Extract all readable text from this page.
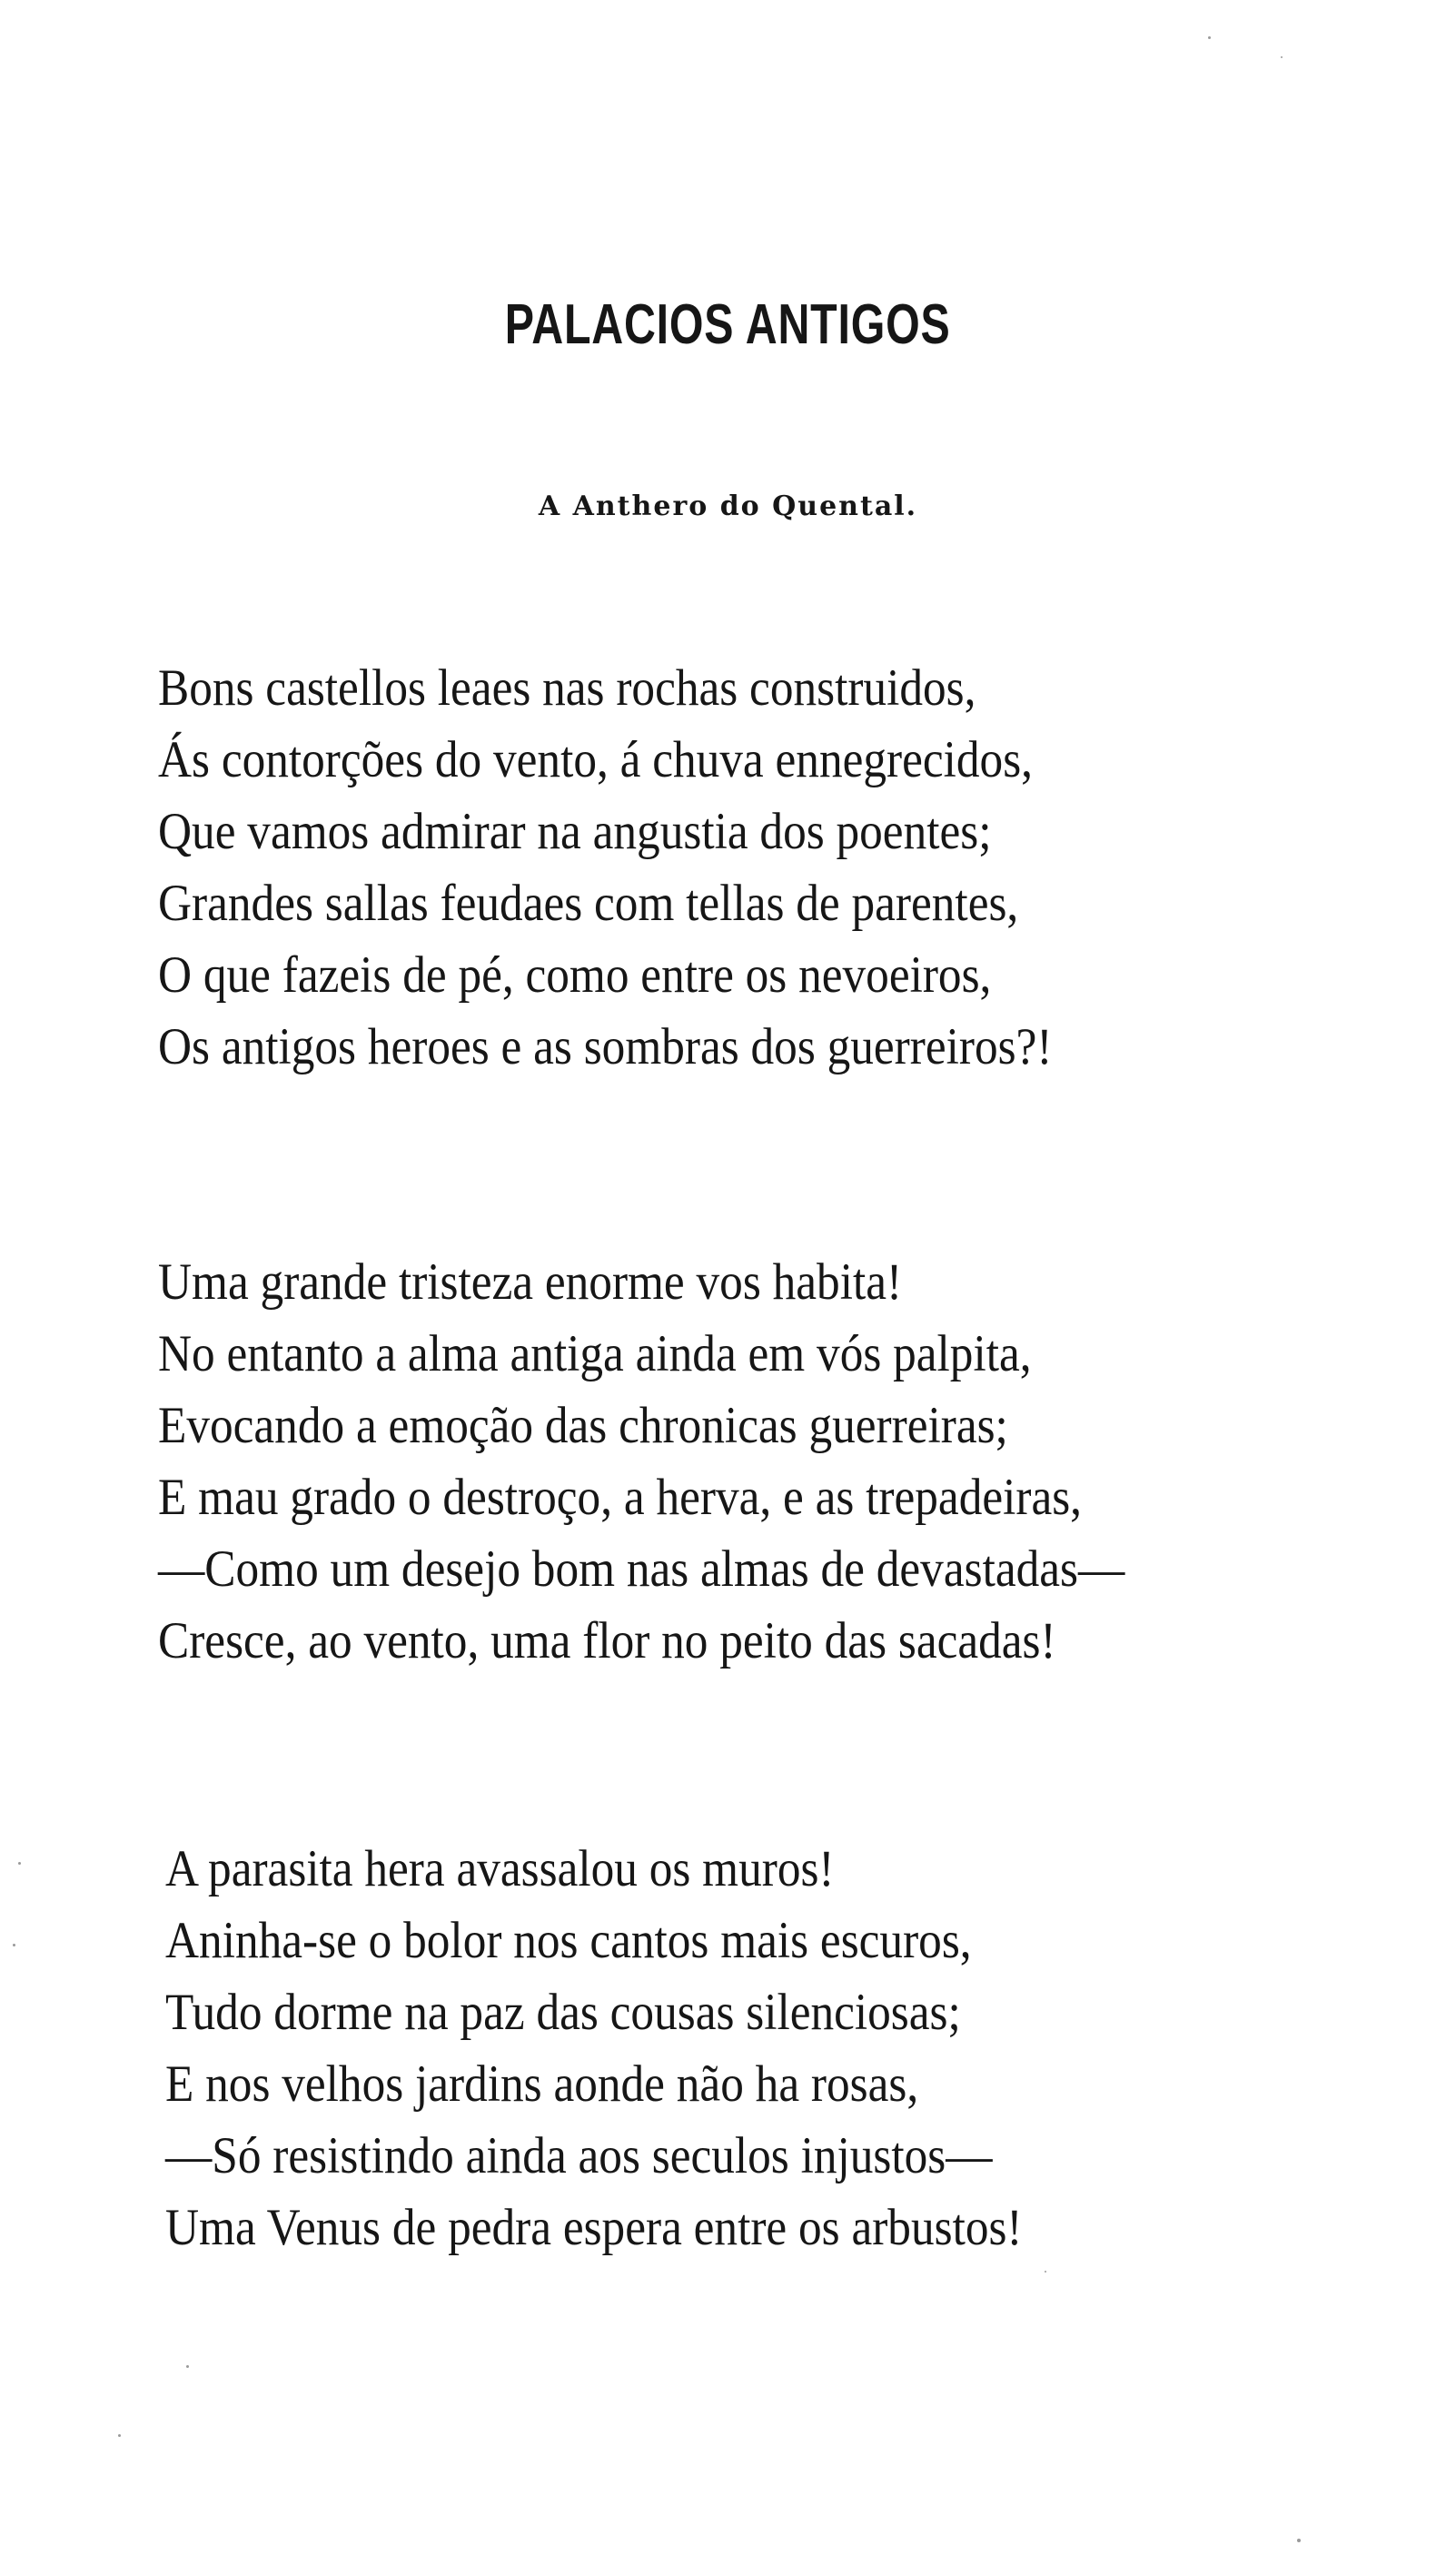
PALACIOS ANTIGOS

A Anthero do Quental.

Bons castellos leaes nas rochas construidos,
Ás contorções do vento, á chuva ennegrecidos,
Que vamos admirar na angustia dos poentes;
Grandes sallas feudaes com tellas de parentes,
O que fazeis de pé, como entre os nevoeiros,
Os antigos heroes e as sombras dos guerreiros?!
Uma grande tristeza enorme vos habita!
No entanto a alma antiga ainda em vós palpita,
Evocando a emoção das chronicas guerreiras;
E mau grado o destroço, a herva, e as trepadeiras,
—Como um desejo bom nas almas de devastadas—
Cresce, ao vento, uma flor no peito das sacadas!
A parasita hera avassalou os muros!
Aninha-se o bolor nos cantos mais escuros,
Tudo dorme na paz das cousas silenciosas;
E nos velhos jardins aonde não ha rosas,
—Só resistindo ainda aos seculos injustos—
Uma Venus de pedra espera entre os arbustos!
